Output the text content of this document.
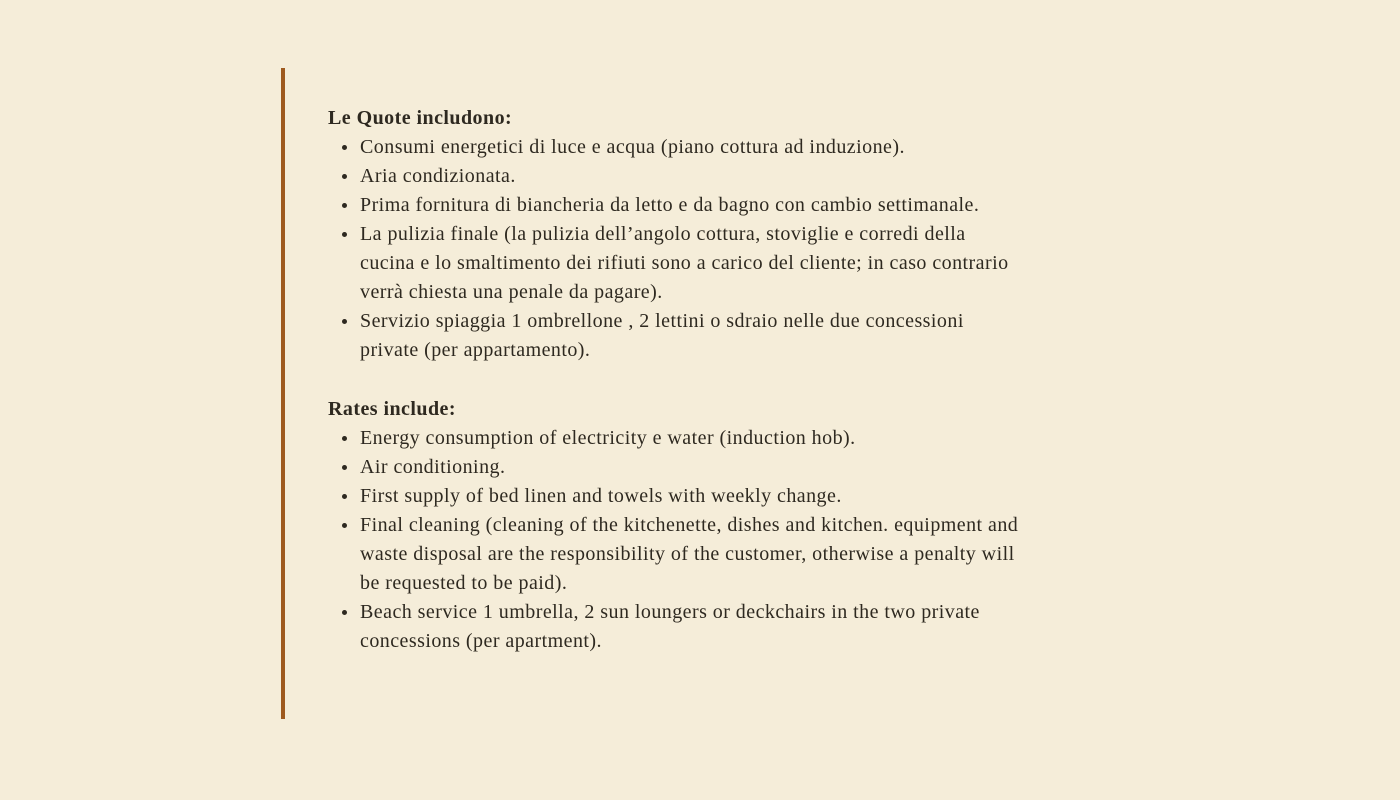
Le Quote includono:
Consumi energetici di luce e acqua (piano cottura ad induzione).
Aria condizionata.
Prima fornitura di biancheria da letto e da bagno con cambio settimanale.
La pulizia finale (la pulizia dell’angolo cottura, stoviglie e corredi della cucina e lo smaltimento dei rifiuti sono a carico del cliente; in caso contrario verrà chiesta una penale da pagare).
Servizio spiaggia 1 ombrellone , 2 lettini o sdraio nelle due concessioni private (per appartamento).
Rates include:
Energy consumption of electricity e water (induction hob).
Air conditioning.
First supply of bed linen and towels with weekly change.
Final cleaning (cleaning of the kitchenette, dishes and kitchen. equipment and waste disposal are the responsibility of the customer, otherwise a penalty will be requested to be paid).
Beach service 1 umbrella, 2 sun loungers or deckchairs in the two private concessions (per apartment).
